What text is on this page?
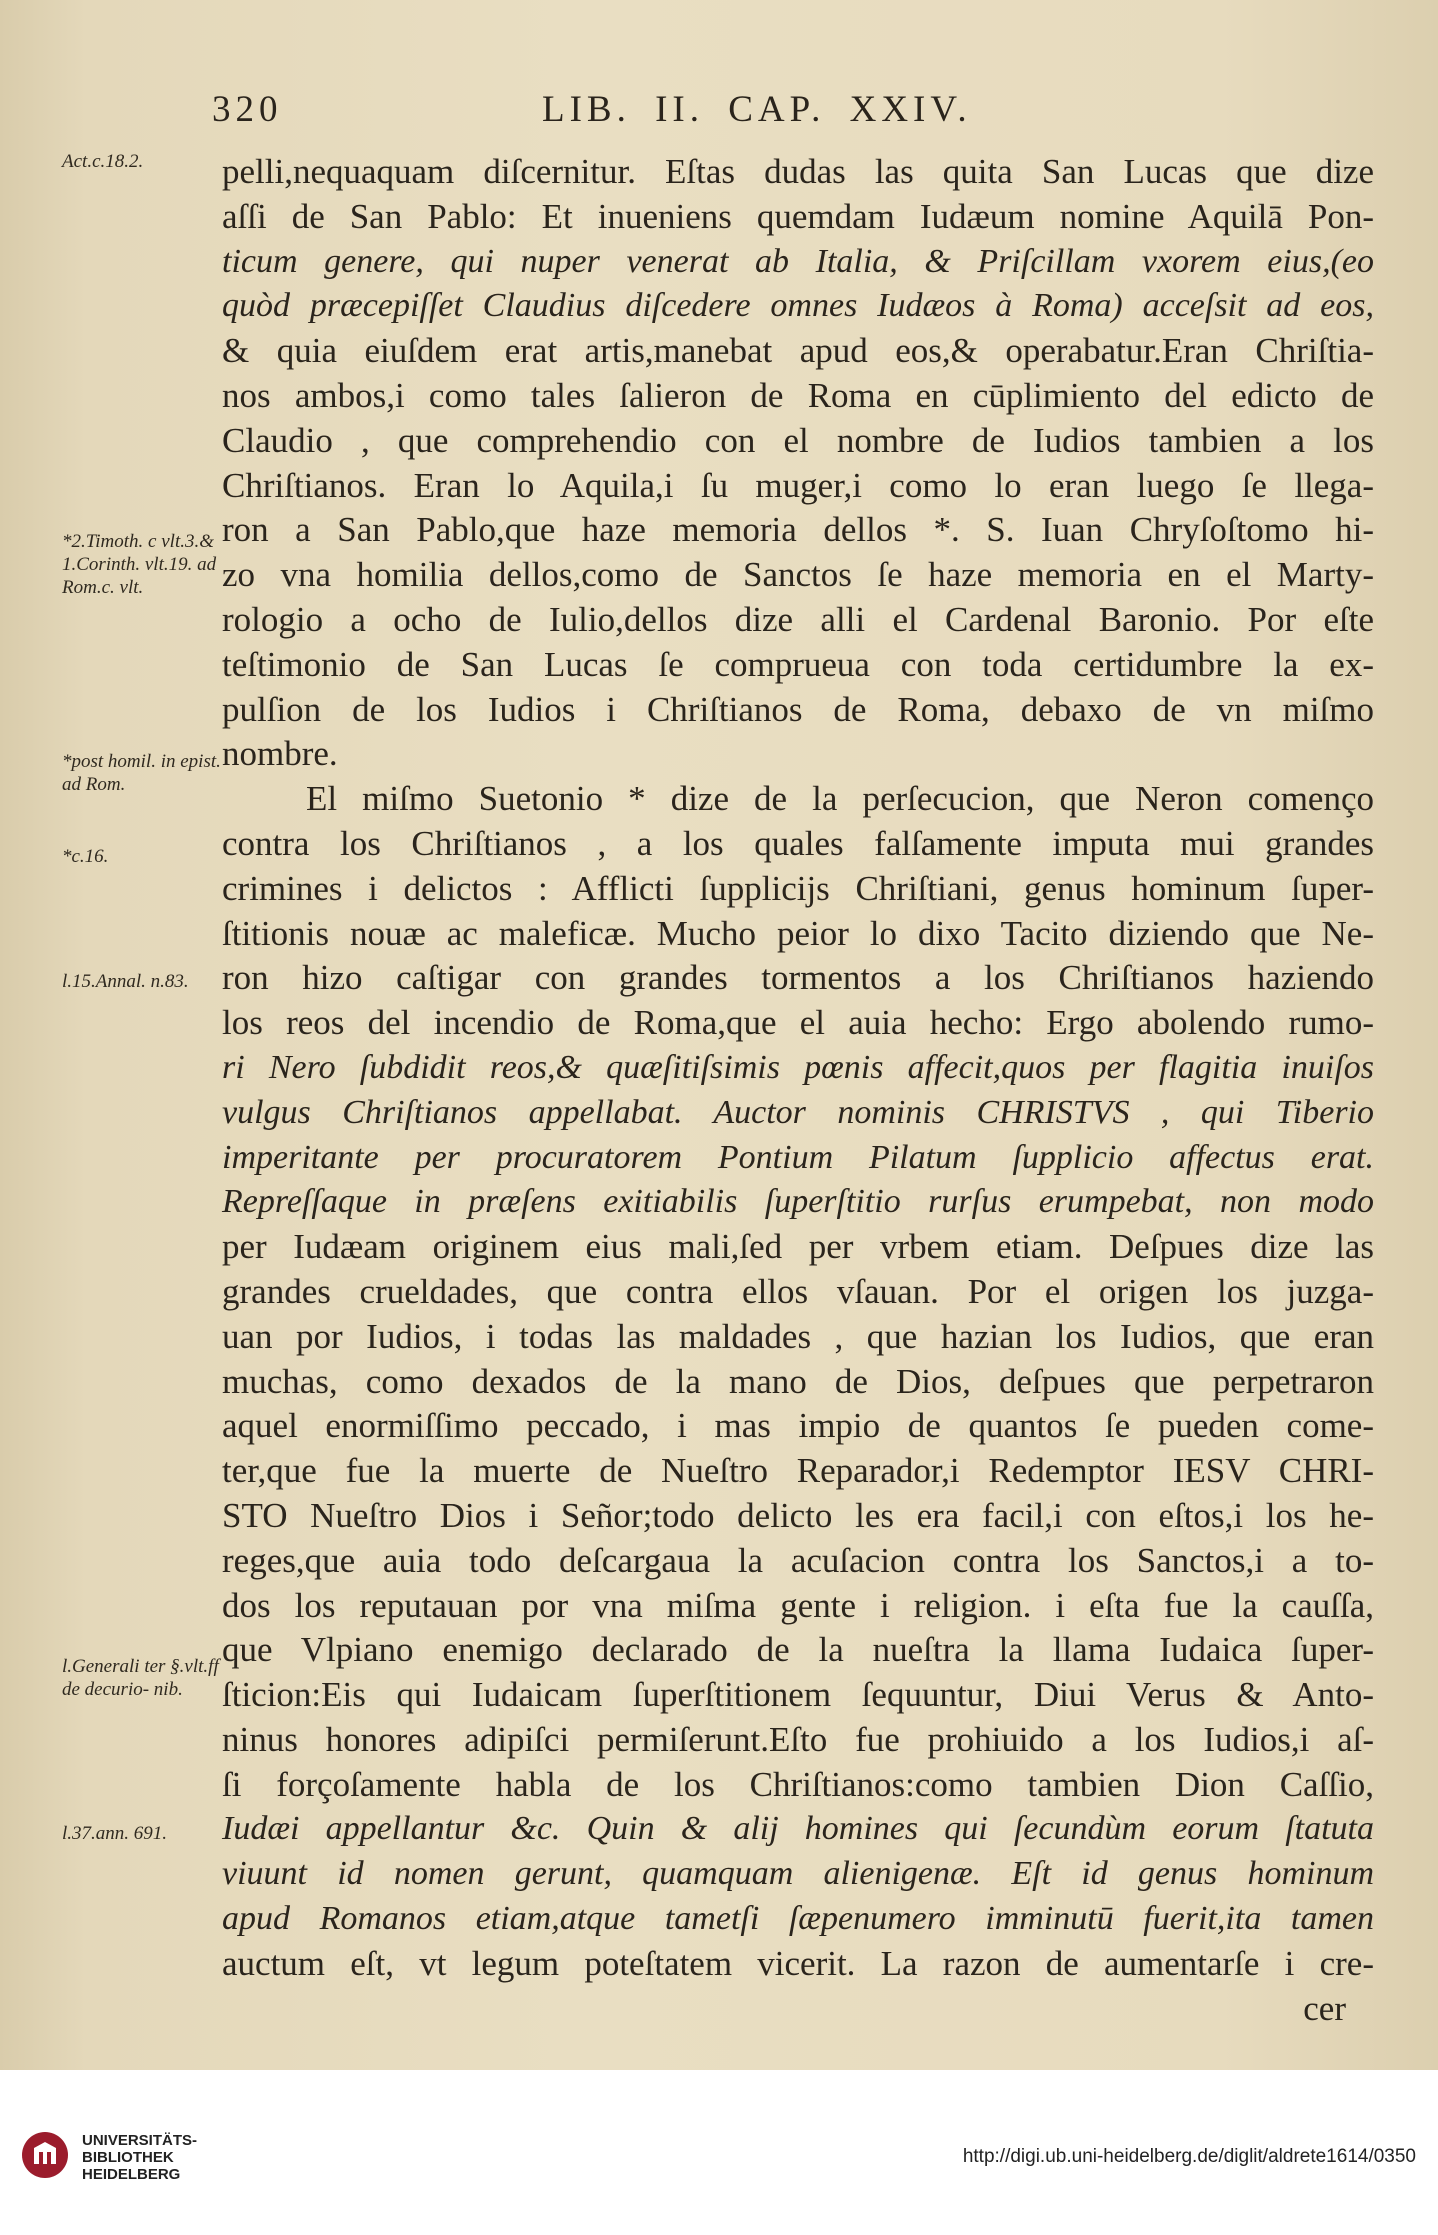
320	LIB. II. CAP. XXIV.
Act.c.18.2.
*2.Timoth. c vlt.3.& 1.Corinth. vlt.19. ad Rom.c. vlt.
*post homil. in epist. ad Rom.
*c.16.
l.15.Annal. n.83.
l.Generali ter §.vlt.ff de decurio- nib.
l.37.ann. 691.
pelli,nequaquam diſcernitur. Eſtas dudas las quita San Lucas que dize
aſſi de San Pablo: Et inueniens quemdam Iudæum nomine Aquilā Pon-
ticum genere, qui nuper venerat ab Italia, & Priſcillam vxorem eius,(eo
quòd præcepiſſet Claudius diſcedere omnes Iudæos à Roma) acceſsit ad eos,
& quia eiuſdem erat artis,manebat apud eos,& operabatur.Eran Chriſtia-
nos ambos,i como tales ſalieron de Roma en cūplimiento del edicto de
Claudio , que comprehendio con el nombre de Iudios tambien a los
Chriſtianos. Eran lo Aquila,i ſu muger,i como lo eran luego ſe llega-
ron a San Pablo,que haze memoria dellos *. S. Iuan Chryſoſtomo hi-
zo vna homilia dellos,como de Sanctos ſe haze memoria en el Marty-
rologio a ocho de Iulio,dellos dize alli el Cardenal Baronio. Por eſte
teſtimonio de San Lucas ſe comprueua con toda certidumbre la ex-
pulſion de los Iudios i Chriſtianos de Roma, debaxo de vn miſmo
nombre.
El miſmo Suetonio * dize de la perſecucion, que Neron començo
contra los Chriſtianos , a los quales falſamente imputa mui grandes
crimines i delictos : Afflicti ſupplicijs Chriſtiani, genus hominum ſuper-
ſtitionis nouæ ac maleficæ. Mucho peior lo dixo Tacito diziendo que Ne-
ron hizo caſtigar con grandes tormentos a los Chriſtianos haziendo
los reos del incendio de Roma,que el auia hecho: Ergo abolendo rumo-
ri Nero ſubdidit reos,& quæſitiſsimis pœnis affecit,quos per flagitia inuiſos
vulgus Chriſtianos appellabat. Auctor nominis CHRISTVS , qui Tiberio
imperitante per procuratorem Pontium Pilatum ſupplicio affectus erat.
Repreſſaque in præſens exitiabilis ſuperſtitio rurſus erumpebat, non modo
per Iudæam originem eius mali,ſed per vrbem etiam. Deſpues dize las
grandes crueldades, que contra ellos vſauan. Por el origen los juzga-
uan por Iudios, i todas las maldades , que hazian los Iudios, que eran
muchas, como dexados de la mano de Dios, deſpues que perpetraron
aquel enormiſſimo peccado, i mas impio de quantos ſe pueden come-
ter,que fue la muerte de Nueſtro Reparador,i Redemptor IESV CHRI-
STO Nueſtro Dios i Señor;todo delicto les era facil,i con eſtos,i los he-
reges,que auia todo deſcargaua la acuſacion contra los Sanctos,i a to-
dos los reputauan por vna miſma gente i religion. i eſta fue la cauſſa,
que Vlpiano enemigo declarado de la nueſtra la llama Iudaica ſuper-
ſticion:Eis qui Iudaicam ſuperſtitionem ſequuntur, Diui Verus & Anto-
ninus honores adipiſci permiſerunt.Eſto fue prohiuido a los Iudios,i aſ-
ſi forçoſamente habla de los Chriſtianos:como tambien Dion Caſſio,
Iudæi appellantur &c. Quin & alij homines qui ſecundùm eorum ſtatuta
viuunt id nomen gerunt, quamquam alienigenæ. Eſt id genus hominum
apud Romanos etiam,atque tametſi ſæpenumero imminutū fuerit,ita tamen
auctum eſt, vt legum poteſtatem vicerit. La razon de aumentarſe i cre-
cer
UNIVERSITÄTS-
BIBLIOTHEK
HEIDELBERG
http://digi.ub.uni-heidelberg.de/diglit/aldrete1614/0350
